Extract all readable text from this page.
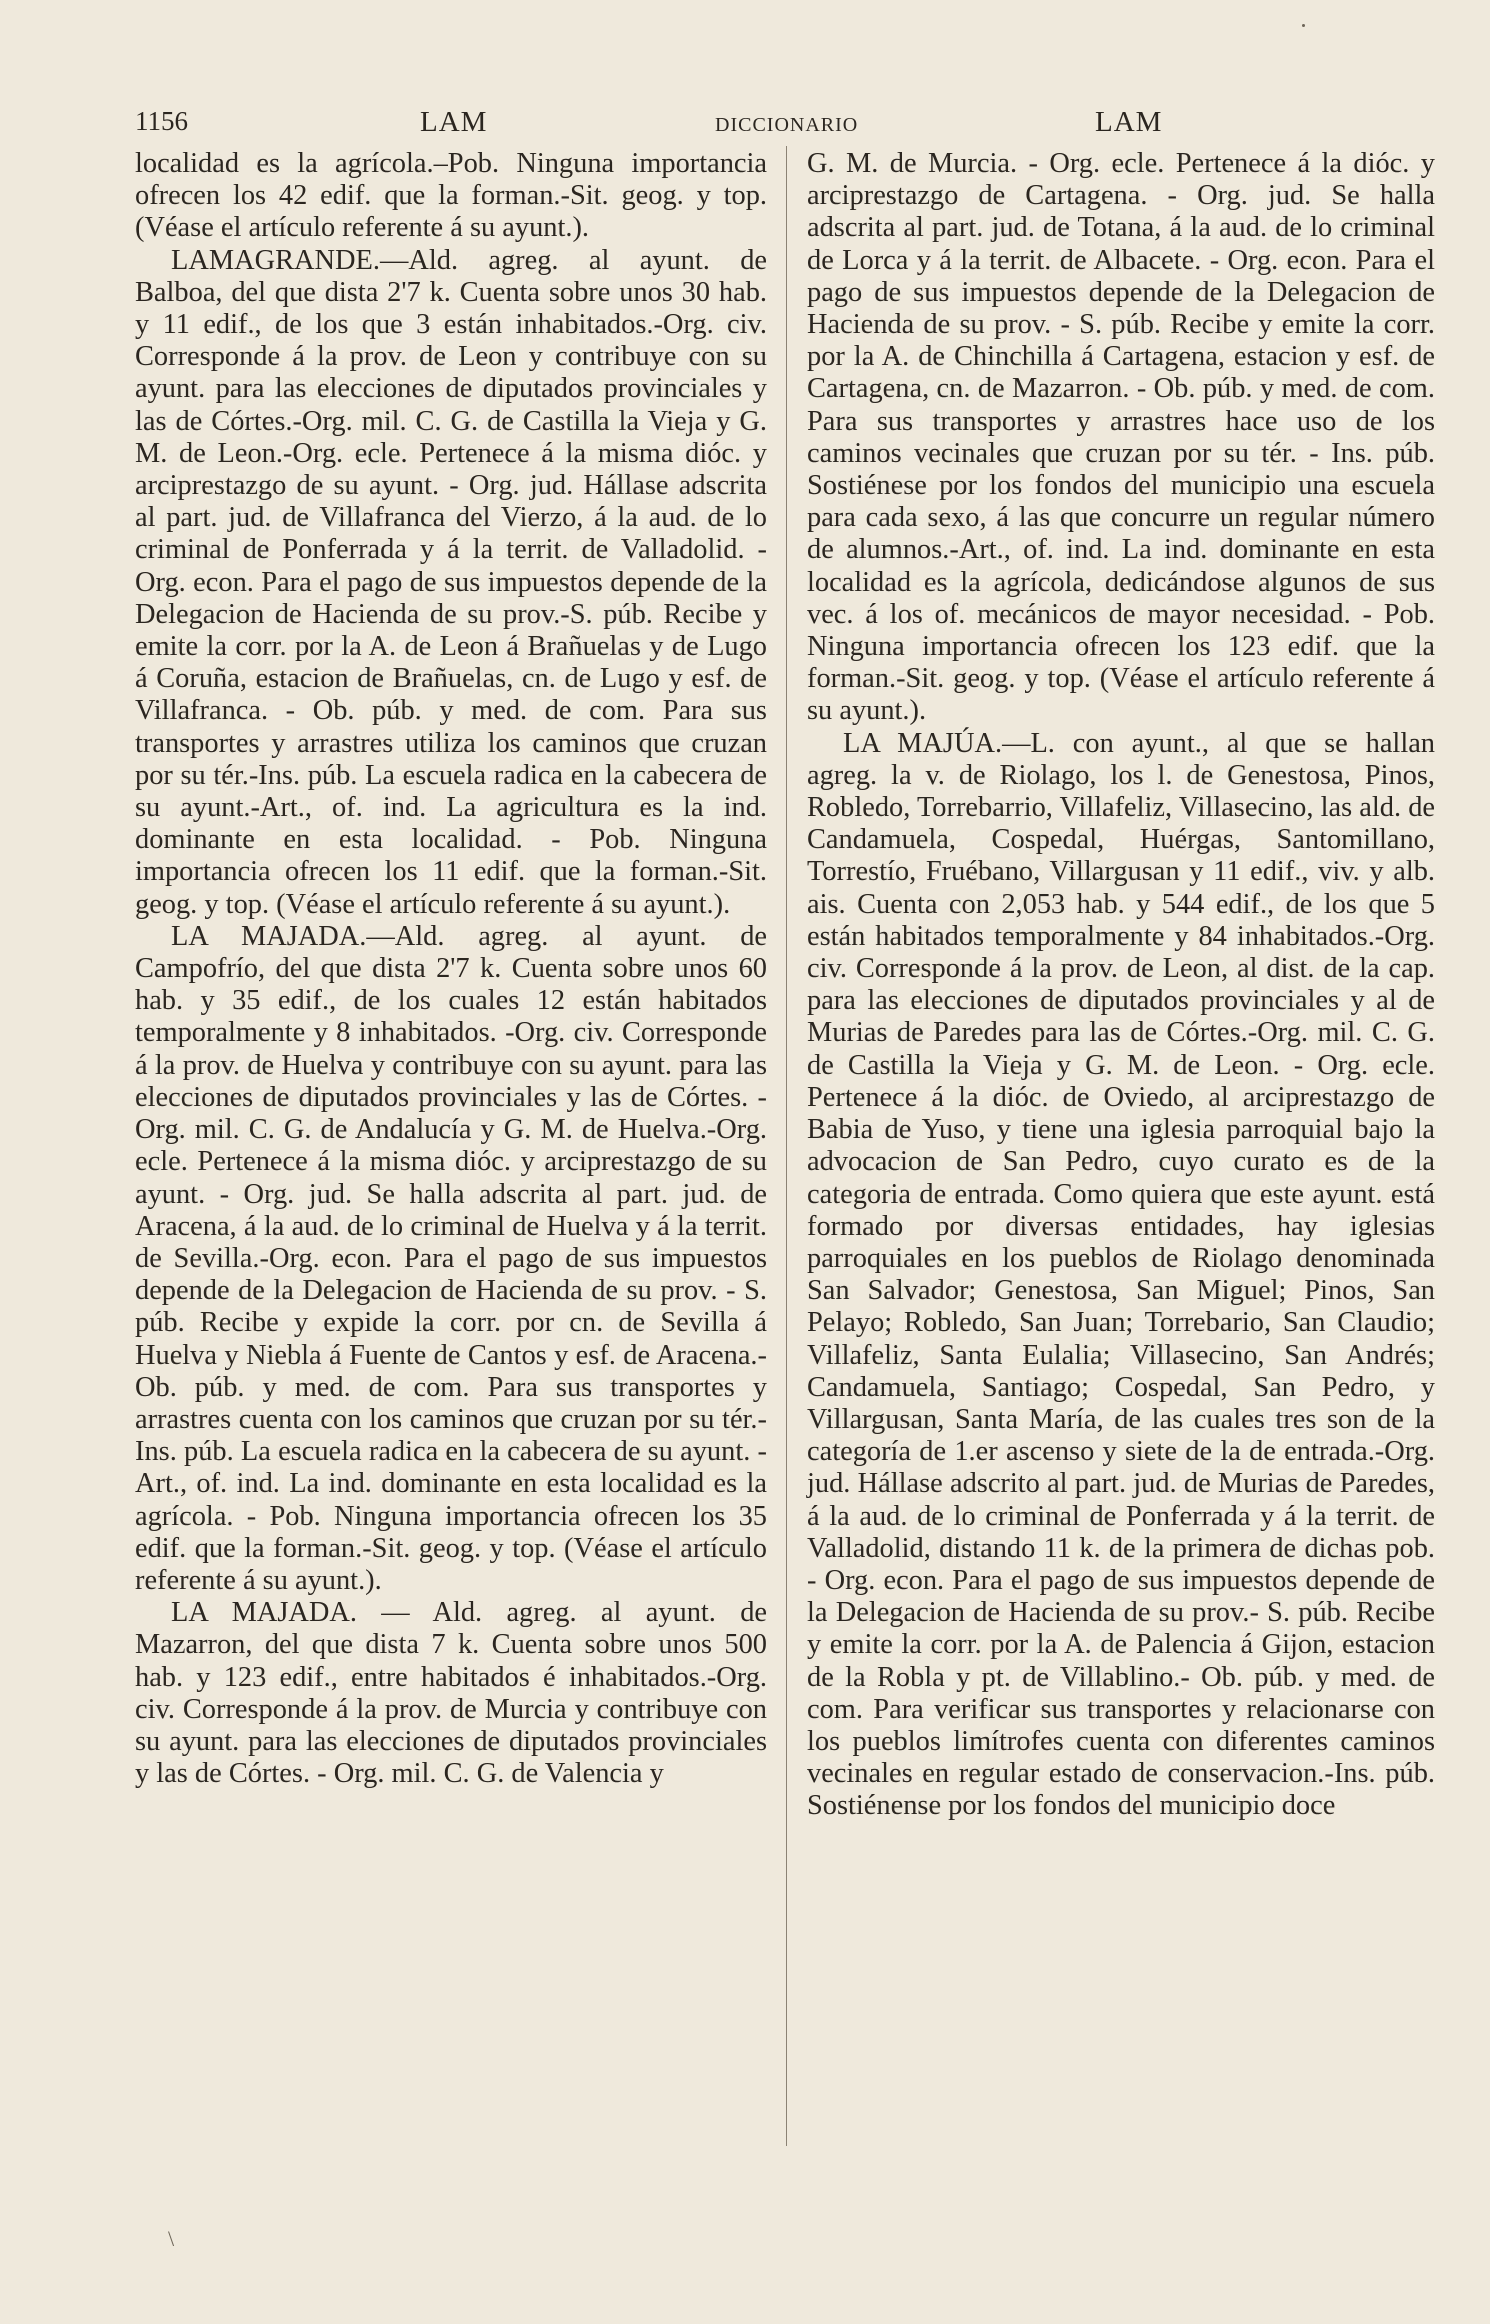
1156	LAM	DICCIONARIO	LAM

localidad es la agrícola.–Pob. Ninguna importancia ofrecen los 42 edif. que la forman.-Sit. geog. y top. (Véase el artículo referente á su ayunt.).

LAMAGRANDE.—Ald. agreg. al ayunt. de Balboa, del que dista 2'7 k. Cuenta sobre unos 30 hab. y 11 edif., de los que 3 están inhabitados.-Org. civ. Corresponde á la prov. de Leon y contribuye con su ayunt. para las elecciones de diputados provinciales y las de Córtes.-Org. mil. C. G. de Castilla la Vieja y G. M. de Leon.-Org. ecle. Pertenece á la misma dióc. y arciprestazgo de su ayunt. - Org. jud. Hállase adscrita al part. jud. de Villafranca del Vierzo, á la aud. de lo criminal de Ponferrada y á la territ. de Valladolid. - Org. econ. Para el pago de sus impuestos depende de la Delegacion de Hacienda de su prov.-S. púb. Recibe y emite la corr. por la A. de Leon á Brañuelas y de Lugo á Coruña, estacion de Brañuelas, cn. de Lugo y esf. de Villafranca. - Ob. púb. y med. de com. Para sus transportes y arrastres utiliza los caminos que cruzan por su tér.-Ins. púb. La escuela radica en la cabecera de su ayunt.-Art., of. ind. La agricultura es la ind. dominante en esta localidad. - Pob. Ninguna importancia ofrecen los 11 edif. que la forman.-Sit. geog. y top. (Véase el artículo referente á su ayunt.).

LA MAJADA.—Ald. agreg. al ayunt. de Campofrío, del que dista 2'7 k. Cuenta sobre unos 60 hab. y 35 edif., de los cuales 12 están habitados temporalmente y 8 inhabitados. -Org. civ. Corresponde á la prov. de Huelva y contribuye con su ayunt. para las elecciones de diputados provinciales y las de Córtes. -Org. mil. C. G. de Andalucía y G. M. de Huelva.-Org. ecle. Pertenece á la misma dióc. y arciprestazgo de su ayunt. - Org. jud. Se halla adscrita al part. jud. de Aracena, á la aud. de lo criminal de Huelva y á la territ. de Sevilla.-Org. econ. Para el pago de sus impuestos depende de la Delegacion de Hacienda de su prov. - S. púb. Recibe y expide la corr. por cn. de Sevilla á Huelva y Niebla á Fuente de Cantos y esf. de Aracena.-Ob. púb. y med. de com. Para sus transportes y arrastres cuenta con los caminos que cruzan por su tér.-Ins. púb. La escuela radica en la cabecera de su ayunt. - Art., of. ind. La ind. dominante en esta localidad es la agrícola. - Pob. Ninguna importancia ofrecen los 35 edif. que la forman.-Sit. geog. y top. (Véase el artículo referente á su ayunt.).

LA MAJADA. — Ald. agreg. al ayunt. de Mazarron, del que dista 7 k. Cuenta sobre unos 500 hab. y 123 edif., entre habitados é inhabitados.-Org. civ. Corresponde á la prov. de Murcia y contribuye con su ayunt. para las elecciones de diputados provinciales y las de Córtes. - Org. mil. C. G. de Valencia y

G. M. de Murcia. - Org. ecle. Pertenece á la dióc. y arciprestazgo de Cartagena. - Org. jud. Se halla adscrita al part. jud. de Totana, á la aud. de lo criminal de Lorca y á la territ. de Albacete. - Org. econ. Para el pago de sus impuestos depende de la Delegacion de Hacienda de su prov. - S. púb. Recibe y emite la corr. por la A. de Chinchilla á Cartagena, estacion y esf. de Cartagena, cn. de Mazarron. - Ob. púb. y med. de com. Para sus transportes y arrastres hace uso de los caminos vecinales que cruzan por su tér. - Ins. púb. Sostiénese por los fondos del municipio una escuela para cada sexo, á las que concurre un regular número de alumnos.-Art., of. ind. La ind. dominante en esta localidad es la agrícola, dedicándose algunos de sus vec. á los of. mecánicos de mayor necesidad. - Pob. Ninguna importancia ofrecen los 123 edif. que la forman.-Sit. geog. y top. (Véase el artículo referente á su ayunt.).

LA MAJÚA.—L. con ayunt., al que se hallan agreg. la v. de Riolago, los l. de Genestosa, Pinos, Robledo, Torrebarrio, Villafeliz, Villasecino, las ald. de Candamuela, Cospedal, Huérgas, Santomillano, Torrestío, Fruébano, Villargusan y 11 edif., viv. y alb. ais. Cuenta con 2,053 hab. y 544 edif., de los que 5 están habitados temporalmente y 84 inhabitados.-Org. civ. Corresponde á la prov. de Leon, al dist. de la cap. para las elecciones de diputados provinciales y al de Murias de Paredes para las de Córtes.-Org. mil. C. G. de Castilla la Vieja y G. M. de Leon. - Org. ecle. Pertenece á la dióc. de Oviedo, al arciprestazgo de Babia de Yuso, y tiene una iglesia parroquial bajo la advocacion de San Pedro, cuyo curato es de la categoria de entrada. Como quiera que este ayunt. está formado por diversas entidades, hay iglesias parroquiales en los pueblos de Riolago denominada San Salvador; Genestosa, San Miguel; Pinos, San Pelayo; Robledo, San Juan; Torrebario, San Claudio; Villafeliz, Santa Eulalia; Villasecino, San Andrés; Candamuela, Santiago; Cospedal, San Pedro, y Villargusan, Santa María, de las cuales tres son de la categoría de 1.er ascenso y siete de la de entrada.-Org. jud. Hállase adscrito al part. jud. de Murias de Paredes, á la aud. de lo criminal de Ponferrada y á la territ. de Valladolid, distando 11 k. de la primera de dichas pob. - Org. econ. Para el pago de sus impuestos depende de la Delegacion de Hacienda de su prov.- S. púb. Recibe y emite la corr. por la A. de Palencia á Gijon, estacion de la Robla y pt. de Villablino.- Ob. púb. y med. de com. Para verificar sus transportes y relacionarse con los pueblos limítrofes cuenta con diferentes caminos vecinales en regular estado de conservacion.-Ins. púb. Sostiénense por los fondos del municipio doce

\
